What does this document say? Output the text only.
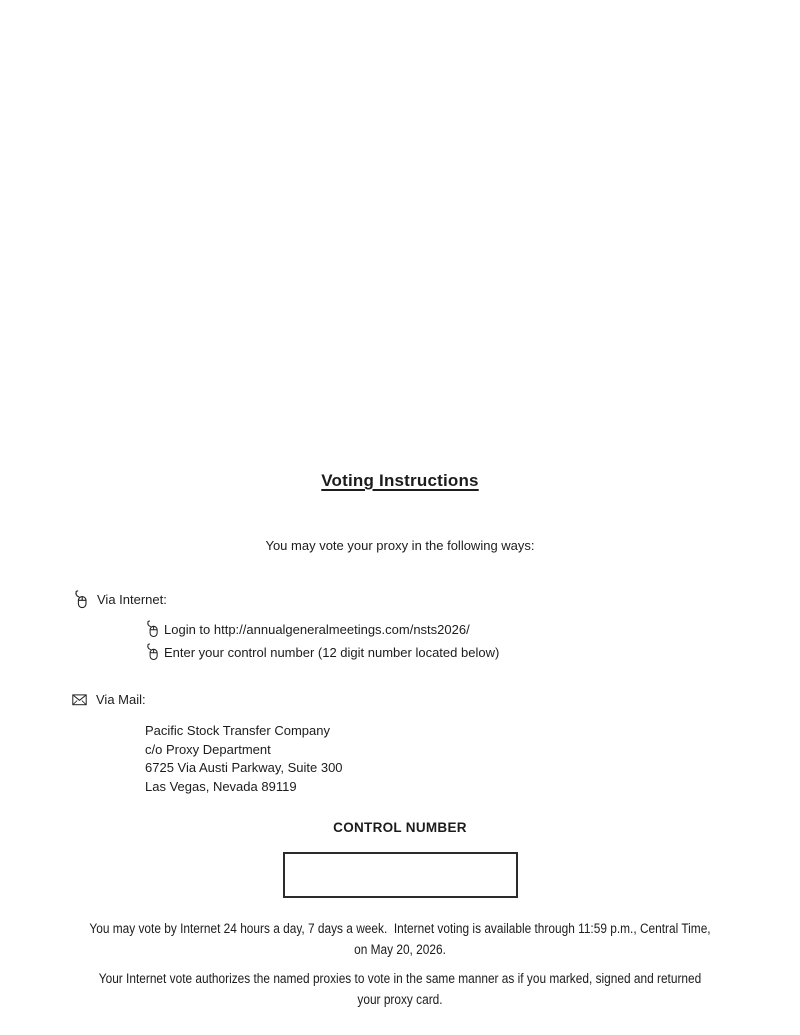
Voting Instructions
You may vote your proxy in the following ways:
Via Internet:
Login to http://annualgeneralmeetings.com/nsts2026/
Enter your control number (12 digit number located below)
Via Mail:
Pacific Stock Transfer Company
c/o Proxy Department
6725 Via Austi Parkway, Suite 300
Las Vegas, Nevada 89119
CONTROL NUMBER
You may vote by Internet 24 hours a day, 7 days a week.  Internet voting is available through 11:59 p.m., Central Time,
on May 20, 2026.
Your Internet vote authorizes the named proxies to vote in the same manner as if you marked, signed and returned
your proxy card.
